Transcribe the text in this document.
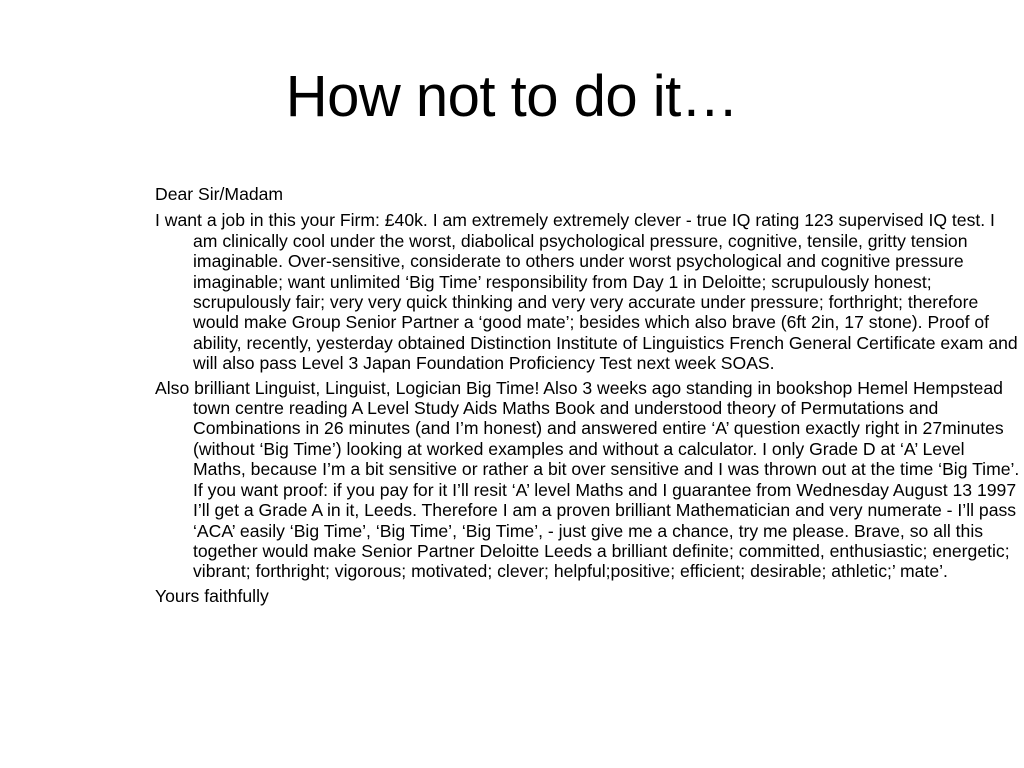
How not to do it…

Dear Sir/Madam

I want a job in this your Firm: £40k. I am extremely extremely clever - true IQ rating 123 supervised IQ test. I am clinically cool under the worst, diabolical psychological pressure, cognitive, tensile, gritty tension imaginable. Over-sensitive, considerate to others under worst psychological and cognitive pressure imaginable; want unlimited ‘Big Time’ responsibility from Day 1 in Deloitte; scrupulously honest; scrupulously fair; very very quick thinking and very very accurate under pressure; forthright; therefore would make Group Senior Partner a ‘good mate’; besides which also brave (6ft 2in, 17 stone). Proof of ability, recently, yesterday obtained Distinction Institute of Linguistics French General Certificate exam and will also pass Level 3 Japan Foundation Proficiency Test next week SOAS.

Also brilliant Linguist, Linguist, Logician Big Time! Also 3 weeks ago standing in bookshop Hemel Hempstead town centre reading A Level Study Aids Maths Book and understood theory of Permutations and Combinations in 26 minutes (and I’m honest) and answered entire ‘A’ question exactly right in 27minutes (without ‘Big Time’) looking at worked examples and without a calculator. I only Grade D at ‘A’ Level Maths, because I’m a bit sensitive or rather a bit over sensitive and I was thrown out at the time ‘Big Time’. If you want proof: if you pay for it I’ll resit ‘A’ level Maths and I guarantee from Wednesday August 13 1997 I’ll get a Grade A in it, Leeds. Therefore I am a proven brilliant Mathematician and very numerate - I’ll pass ‘ACA’ easily ‘Big Time’, ‘Big Time’, ‘Big Time’, - just give me a chance, try me please. Brave, so all this together would make Senior Partner Deloitte Leeds a brilliant definite; committed, enthusiastic; energetic; vibrant; forthright; vigorous; motivated; clever; helpful;positive; efficient; desirable; athletic;’ mate’.

Yours faithfully
